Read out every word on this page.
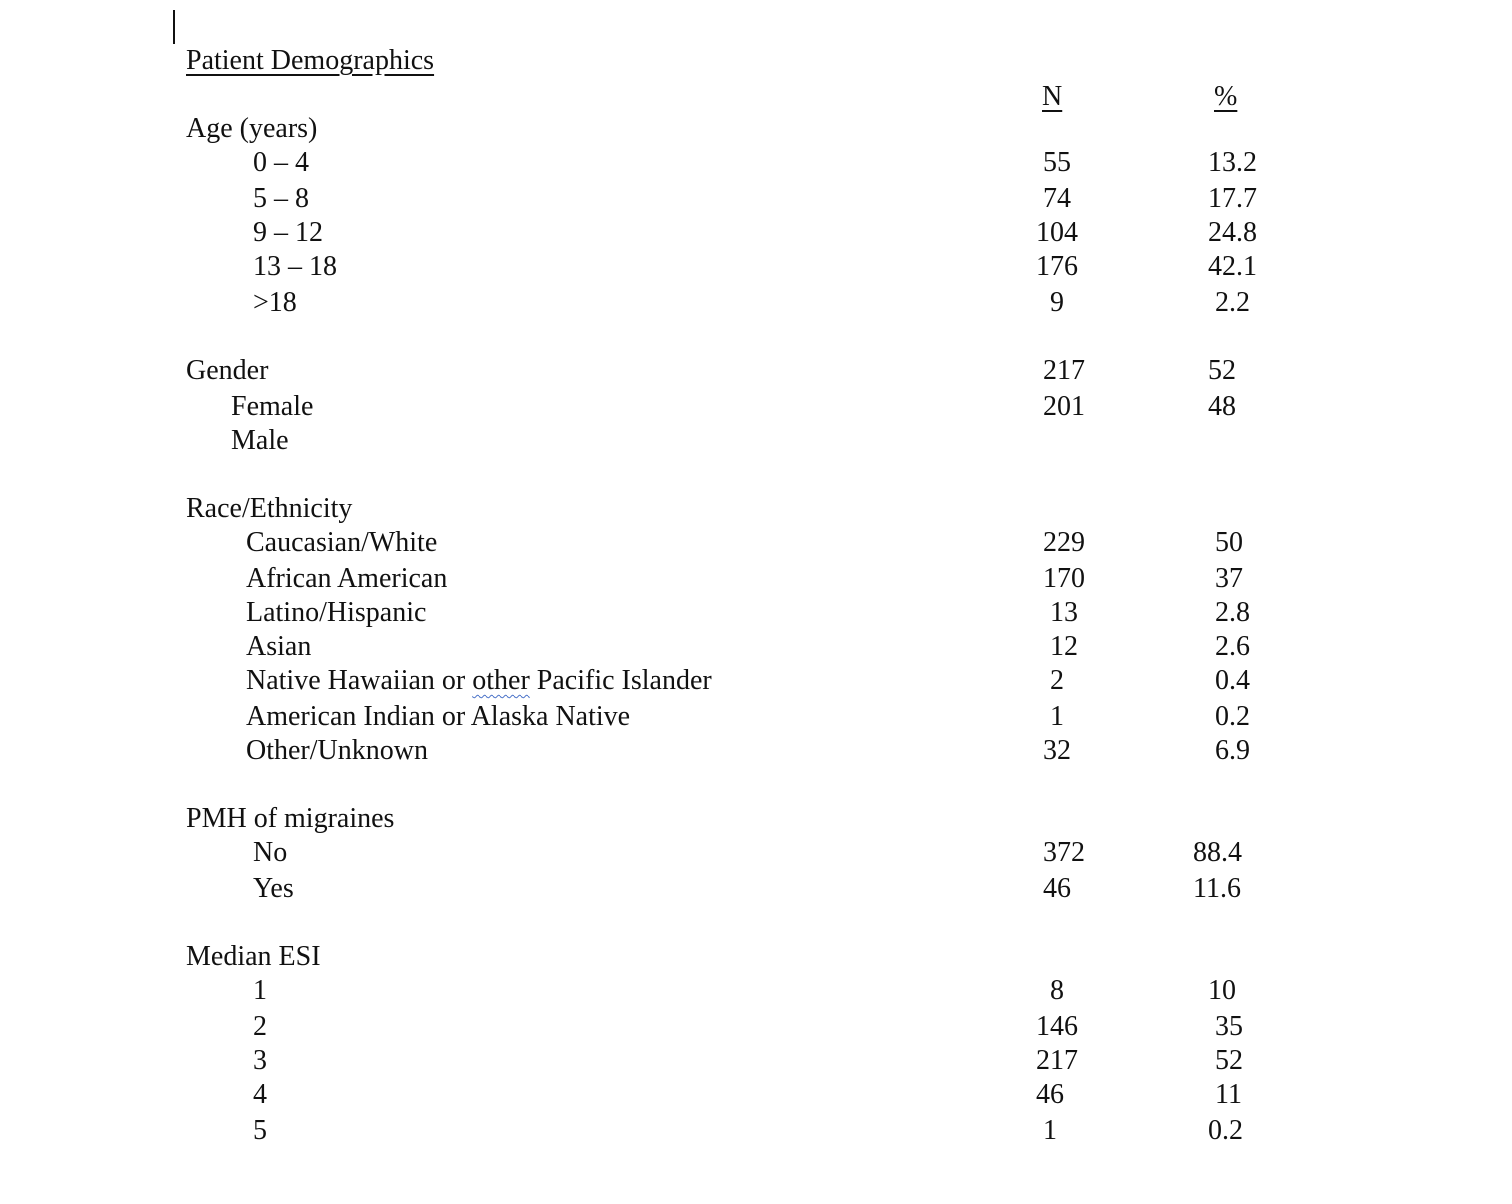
Patient Demographics
N	%
Age (years)
0 – 4	55	13.2
5 – 8	74	17.7
9 – 12	104	24.8
13 – 18	176	42.1
>18	9	2.2
Gender	217	52
Female	201	48
Male
Race/Ethnicity
Caucasian/White	229	50
African American	170	37
Latino/Hispanic	13	2.8
Asian	12	2.6
Native Hawaiian or other Pacific Islander	2	0.4
American Indian or Alaska Native	1	0.2
Other/Unknown	32	6.9
PMH of migraines
No	372	88.4
Yes	46	11.6
Median ESI
1	8	10
2	146	35
3	217	52
4	46	11
5	1	0.2
